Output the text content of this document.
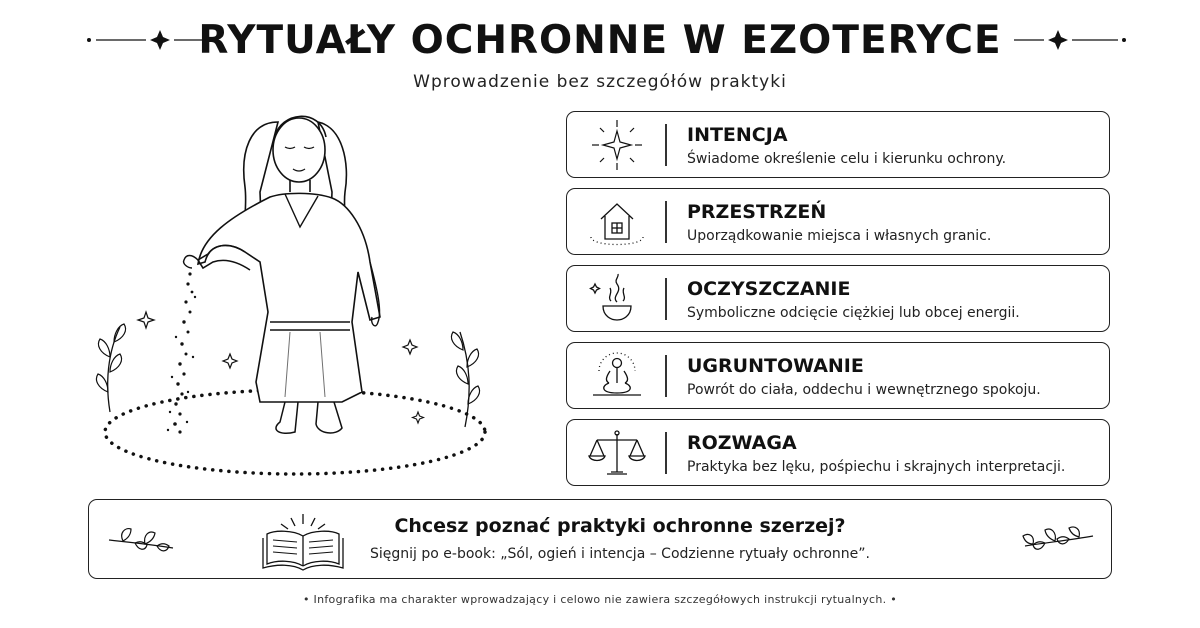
RYTUAŁY OCHRONNE W EZOTERYCE
Wprowadzenie bez szczegółów praktyki
INTENCJA
Świadome określenie celu i kierunku ochrony.
PRZESTRZEŃ
Uporządkowanie miejsca i własnych granic.
OCZYSZCZANIE
Symboliczne odcięcie ciężkiej lub obcej energii.
UGRUNTOWANIE
Powrót do ciała, oddechu i wewnętrznego spokoju.
ROZWAGA
Praktyka bez lęku, pośpiechu i skrajnych interpretacji.
Chcesz poznać praktyki ochronne szerzej?
Sięgnij po e-book: „Sól, ogień i intencja – Codzienne rytuały ochronne”.
• Infografika ma charakter wprowadzający i celowo nie zawiera szczegółowych instrukcji rytualnych. •
